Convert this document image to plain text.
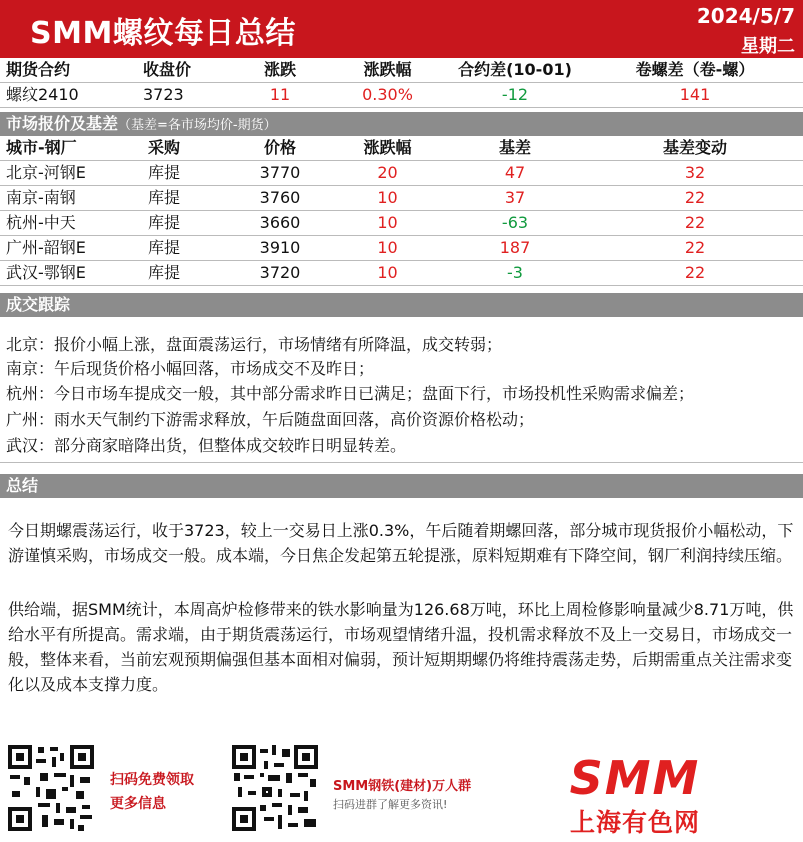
SMM螺纹每日总结	2024/5/7
星期二
期货合约	收盘价	涨跌	涨跌幅	合约差(10-01)	卷螺差（卷-螺）
螺纹2410	3723	11	0.30%	-12	141
市场报价及基差（基差=各市场均价-期货）
城市-钢厂	采购	价格	涨跌幅	基差	基差变动
北京-河钢E	库提	3770	20	47	32
南京-南钢	库提	3760	10	37	22
杭州-中天	库提	3660	10	-63	22
广州-韶钢E	库提	3910	10	187	22
武汉-鄂钢E	库提	3720	10	-3	22
成交跟踪
北京：报价小幅上涨，盘面震荡运行，市场情绪有所降温，成交转弱；
南京：午后现货价格小幅回落，市场成交不及昨日；
杭州：今日市场车提成交一般，其中部分需求昨日已满足；盘面下行，市场投机性采购需求偏差；
广州：雨水天气制约下游需求释放，午后随盘面回落，高价资源价格松动；
武汉：部分商家暗降出货，但整体成交较昨日明显转差。
总结
今日期螺震荡运行，收于3723，较上一交易日上涨0.3%，午后随着期螺回落，部分城市现货报价小幅松动，下游谨慎采购，市场成交一般。成本端，今日焦企发起第五轮提涨，原料短期难有下降空间，钢厂利润持续压缩。
供给端，据SMM统计，本周高炉检修带来的铁水影响量为126.68万吨，环比上周检修影响量减少8.71万吨，供给水平有所提高。需求端，由于期货震荡运行，市场观望情绪升温，投机需求释放不及上一交易日，市场成交一般，整体来看，当前宏观预期偏强但基本面相对偏弱，预计短期期螺仍将维持震荡走势，后期需重点关注需求变化以及成本支撑力度。
扫码免费领取
更多信息
SMM钢铁(建材)万人群
扫码进群了解更多资讯!	SMM
上海有色网
